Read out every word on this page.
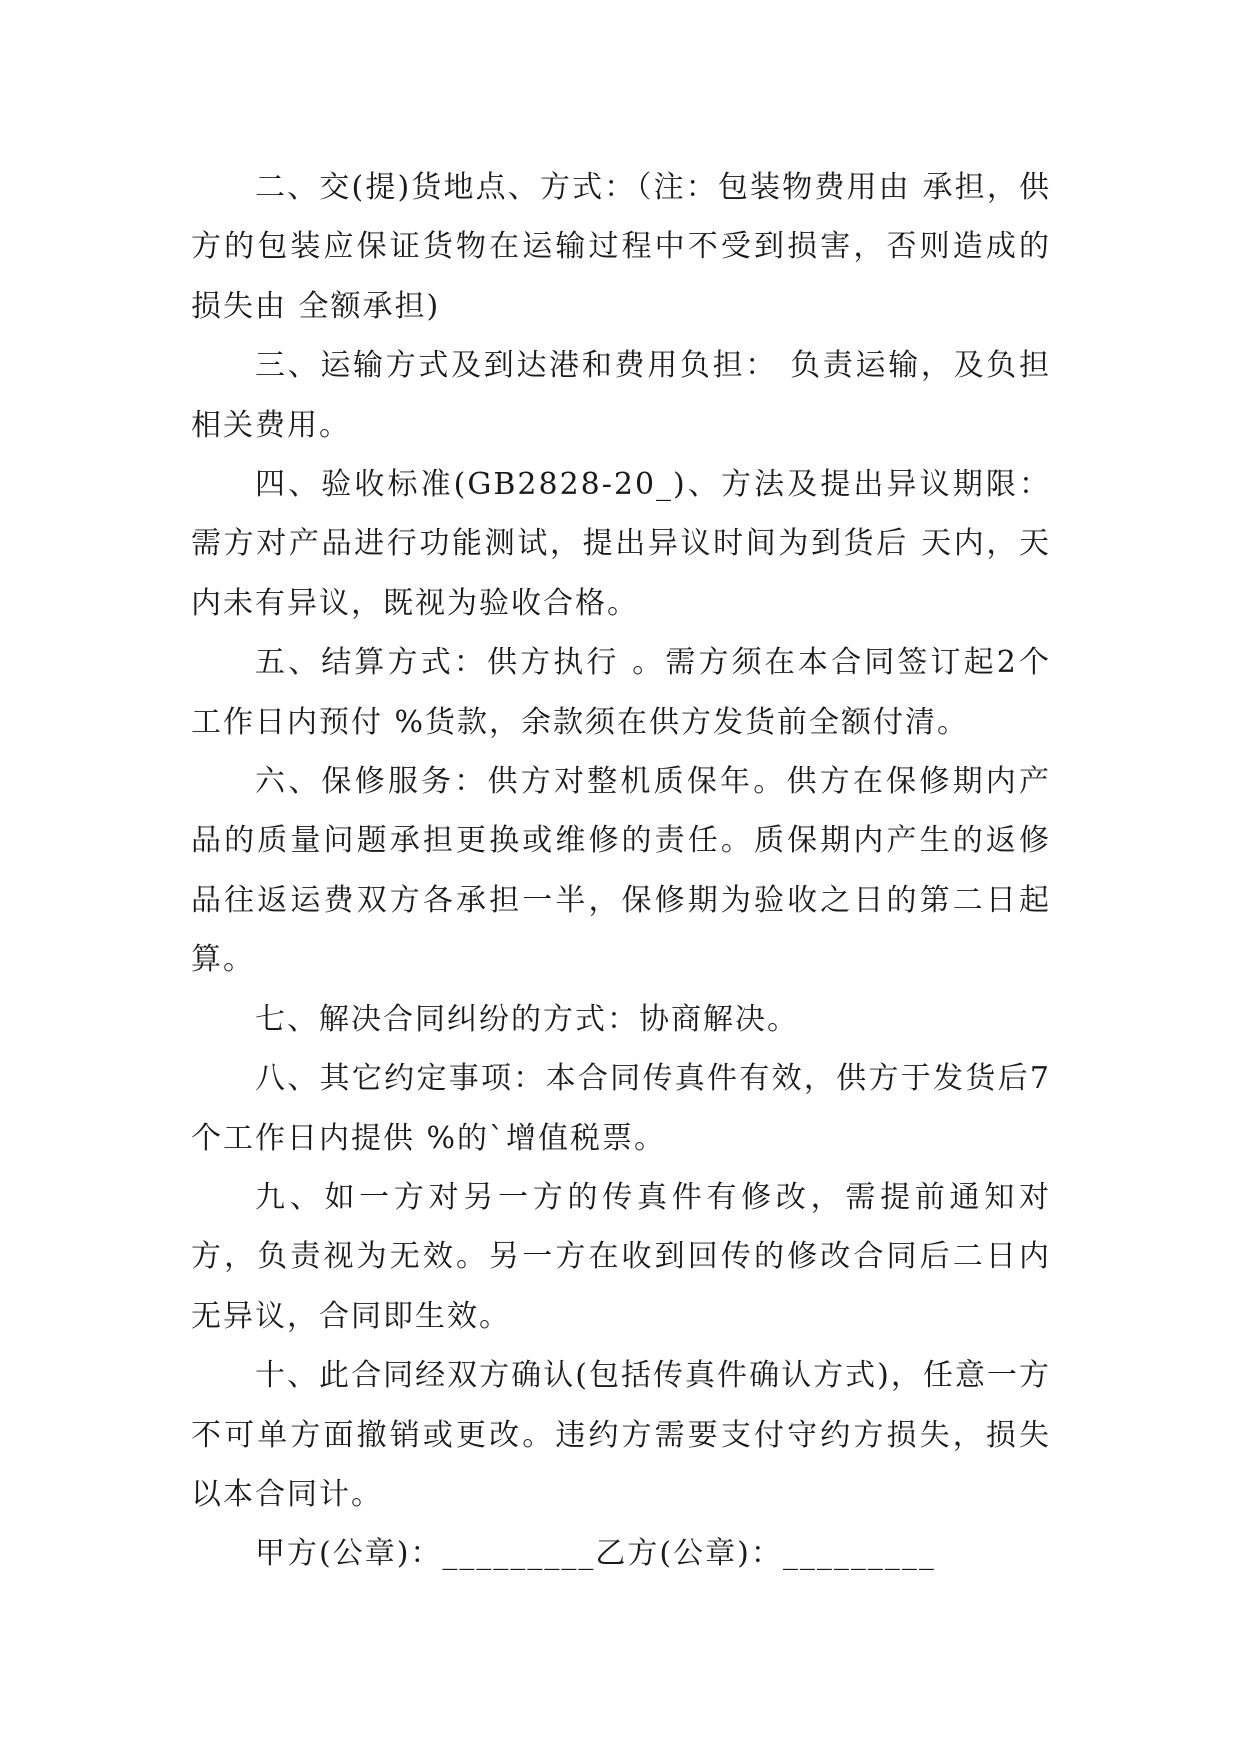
二、交(提)货地点、方式：（注：包装物费用由 承担，供方的包装应保证货物在运输过程中不受到损害，否则造成的损失由 全额承担)

三、运输方式及到达港和费用负担： 负责运输，及负担相关费用。

四、验收标准(GB2828-20_)、方法及提出异议期限：需方对产品进行功能测试，提出异议时间为到货后 天内，天内未有异议，既视为验收合格。

五、结算方式：供方执行 。需方须在本合同签订起2个工作日内预付 %货款，余款须在供方发货前全额付清。

六、保修服务：供方对整机质保年。供方在保修期内产品的质量问题承担更换或维修的责任。质保期内产生的返修品往返运费双方各承担一半，保修期为验收之日的第二日起算。

七、解决合同纠纷的方式：协商解决。

八、其它约定事项：本合同传真件有效，供方于发货后7个工作日内提供 %的`增值税票。

九、如一方对另一方的传真件有修改，需提前通知对方，负责视为无效。另一方在收到回传的修改合同后二日内无异议，合同即生效。

十、此合同经双方确认(包括传真件确认方式)，任意一方不可单方面撤销或更改。违约方需要支付守约方损失，损失以本合同计。

甲方(公章)：_________乙方(公章)：_________
